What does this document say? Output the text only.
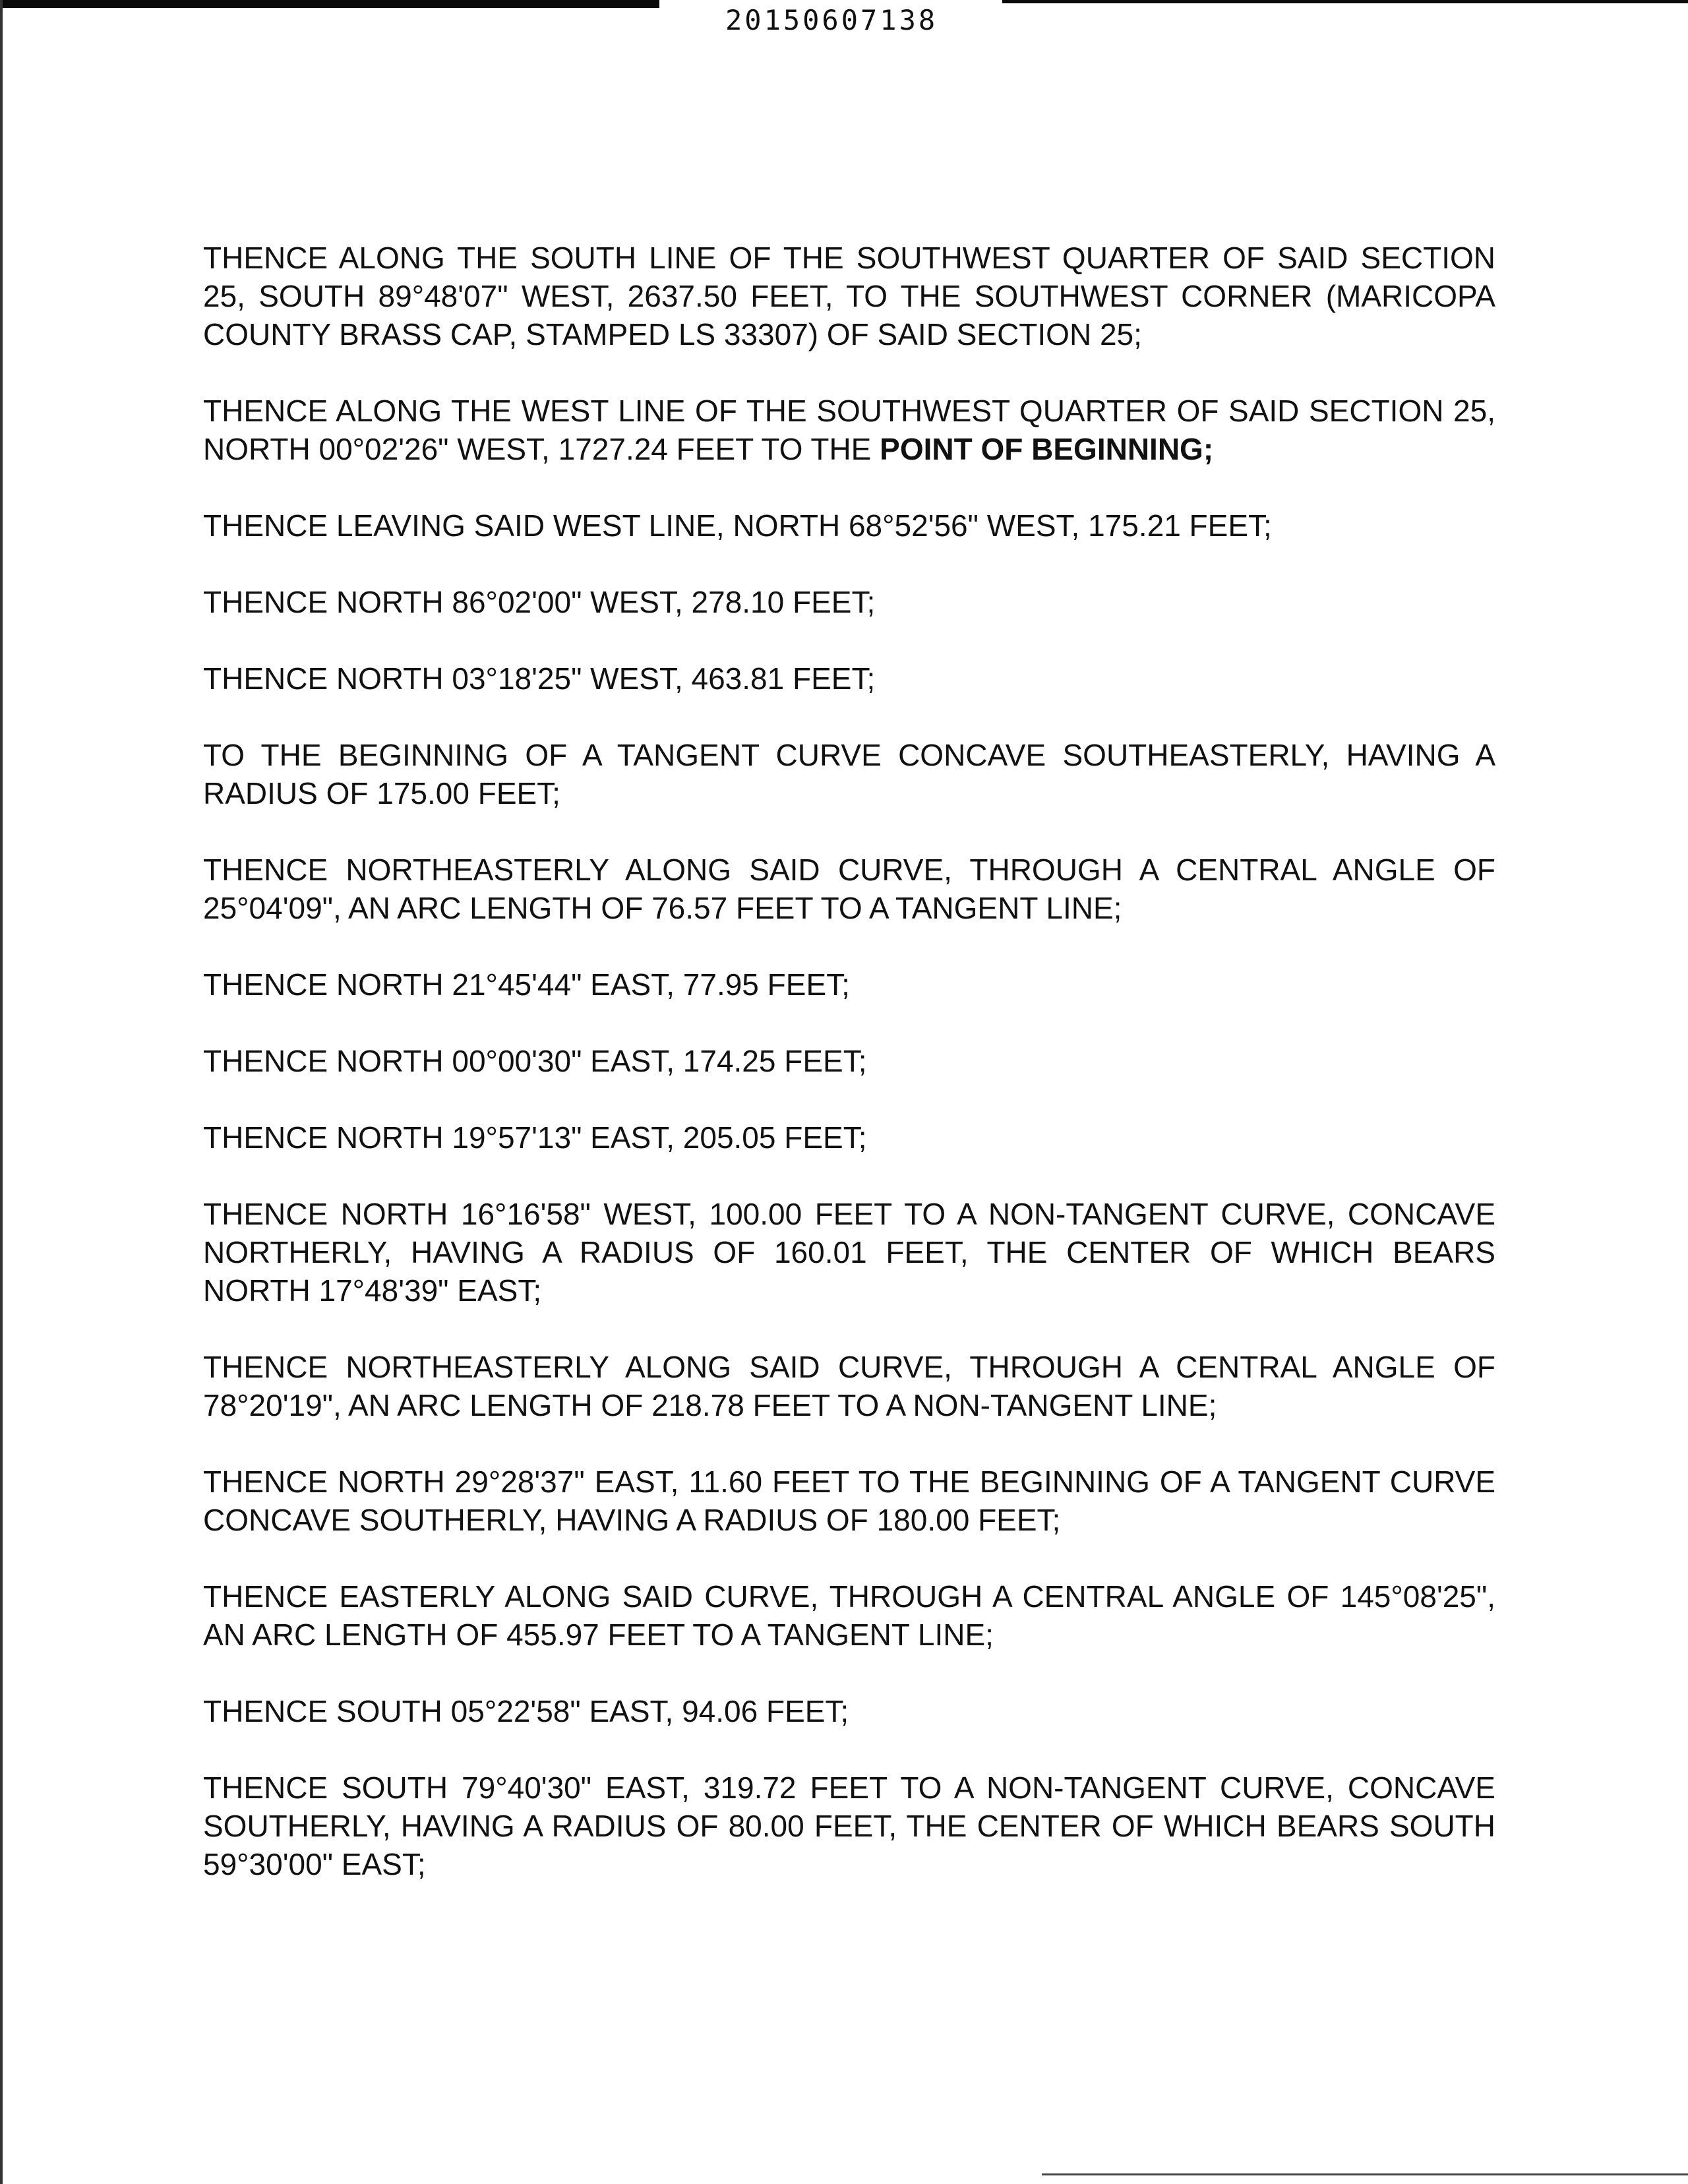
20150607138

THENCE ALONG THE SOUTH LINE OF THE SOUTHWEST QUARTER OF SAID SECTION 25, SOUTH 89°48'07" WEST, 2637.50 FEET, TO THE SOUTHWEST CORNER (MARICOPA COUNTY BRASS CAP, STAMPED LS 33307) OF SAID SECTION 25;

THENCE ALONG THE WEST LINE OF THE SOUTHWEST QUARTER OF SAID SECTION 25, NORTH 00°02'26" WEST, 1727.24 FEET TO THE POINT OF BEGINNING;

THENCE LEAVING SAID WEST LINE, NORTH 68°52'56" WEST, 175.21 FEET;

THENCE NORTH 86°02'00" WEST, 278.10 FEET;

THENCE NORTH 03°18'25" WEST, 463.81 FEET;

TO THE BEGINNING OF A TANGENT CURVE CONCAVE SOUTHEASTERLY, HAVING A RADIUS OF 175.00 FEET;

THENCE NORTHEASTERLY ALONG SAID CURVE, THROUGH A CENTRAL ANGLE OF 25°04'09", AN ARC LENGTH OF 76.57 FEET TO A TANGENT LINE;

THENCE NORTH 21°45'44" EAST, 77.95 FEET;

THENCE NORTH 00°00'30" EAST, 174.25 FEET;

THENCE NORTH 19°57'13" EAST, 205.05 FEET;

THENCE NORTH 16°16'58" WEST, 100.00 FEET TO A NON-TANGENT CURVE, CONCAVE NORTHERLY, HAVING A RADIUS OF 160.01 FEET, THE CENTER OF WHICH BEARS NORTH 17°48'39" EAST;

THENCE NORTHEASTERLY ALONG SAID CURVE, THROUGH A CENTRAL ANGLE OF 78°20'19", AN ARC LENGTH OF 218.78 FEET TO A NON-TANGENT LINE;

THENCE NORTH 29°28'37" EAST, 11.60 FEET TO THE BEGINNING OF A TANGENT CURVE CONCAVE SOUTHERLY, HAVING A RADIUS OF 180.00 FEET;

THENCE EASTERLY ALONG SAID CURVE, THROUGH A CENTRAL ANGLE OF 145°08'25", AN ARC LENGTH OF 455.97 FEET TO A TANGENT LINE;

THENCE SOUTH 05°22'58" EAST, 94.06 FEET;

THENCE SOUTH 79°40'30" EAST, 319.72 FEET TO A NON-TANGENT CURVE, CONCAVE SOUTHERLY, HAVING A RADIUS OF 80.00 FEET, THE CENTER OF WHICH BEARS SOUTH 59°30'00" EAST;
